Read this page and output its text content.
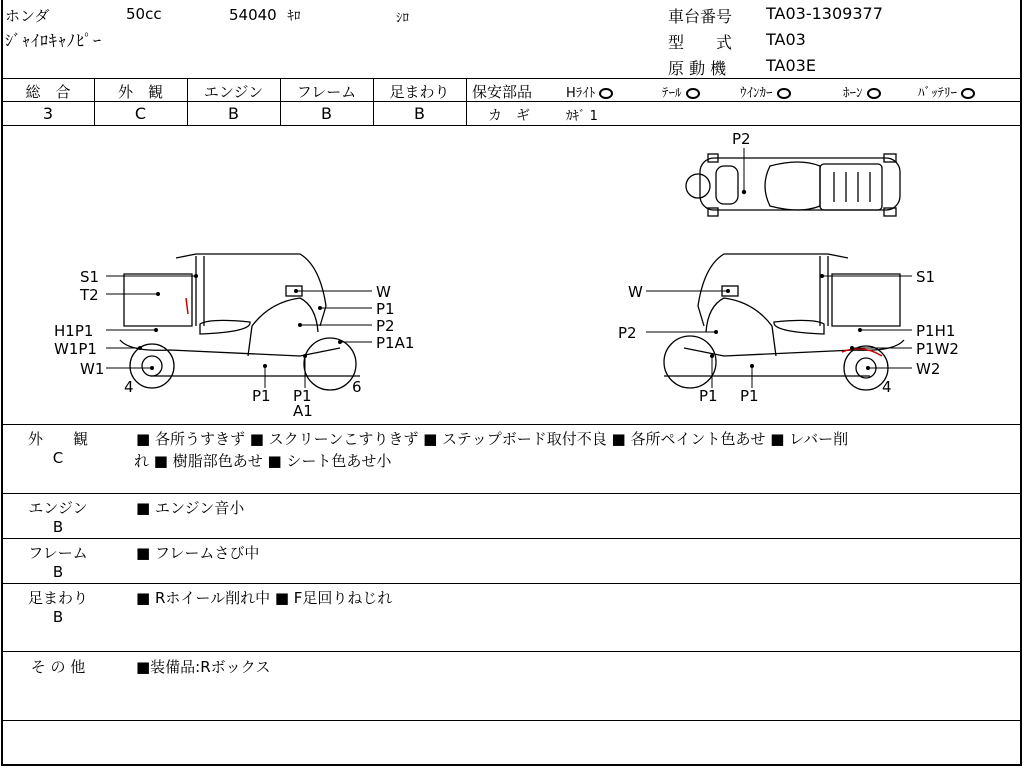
ホンダ	50cc	54040 ｷﾛ	ｼﾛ
ｼﾞｬｲﾛｷｬﾉﾋﾟｰ
車台番号 TA03-1309377
型　　式 TA03
原 動 機 TA03E
総　合
3
外　観
C
エンジン
B
フレーム
B
足まわり
B
保安部品	Hﾗｲﾄ	ﾃｰﾙ	ｳｲﾝｶｰ	ﾎｰﾝ	ﾊﾞｯﾃﾘｰ
カ　ギ	ｶｷﾞ 1
P2
S1
T2
H1P1
W1P1
W1
4
W
P1
P2
P1A1
6
P1 P1
A1
W
P2
S1
P1H1
P1W2
W2
4
P1 P1
外　　観
C
■ 各所うすきず ■ スクリーンこすりきず ■ ステップボード取付不良 ■ 各所ペイント色あせ ■ レバー削
れ ■ 樹脂部色あせ ■ シート色あせ小
エンジン
B
■ エンジン音小
フレーム
B
■ フレームさび中
足まわり
B
■ Rホイール削れ中 ■ F足回りねじれ
そ の 他	■装備品:Rボックス
